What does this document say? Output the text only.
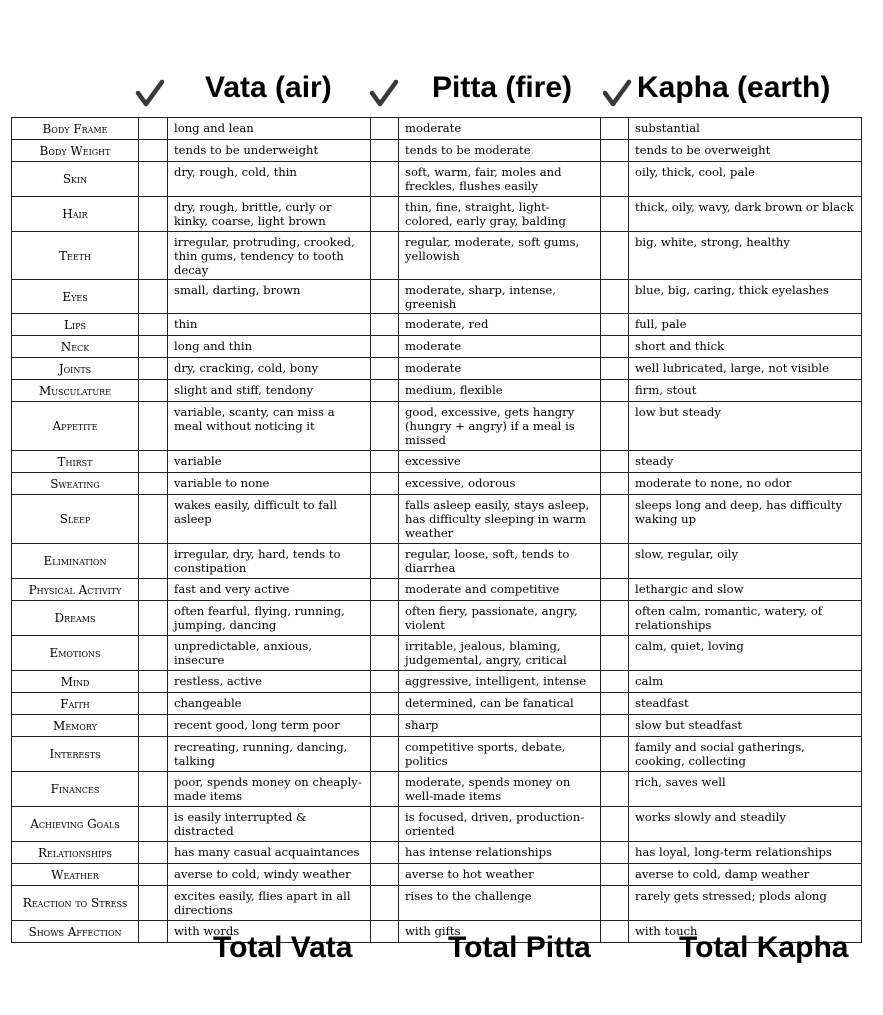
Vata (air)	Pitta (fire) Kapha (earth)
Body Frame		long and lean		moderate		substantial
Body Weight		tends to be underweight		tends to be moderate		tends to be overweight
Skin		dry, rough, cold, thin		soft, warm, fair, moles and freckles, flushes easily		oily, thick, cool, pale
Hair		dry, rough, brittle, curly or kinky, coarse, light brown		thin, fine, straight, light-colored, early gray, balding		thick, oily, wavy, dark brown or black
Teeth		irregular, protruding, crooked, thin gums, tendency to tooth decay		regular, moderate, soft gums, yellowish		big, white, strong, healthy
Eyes		small, darting, brown		moderate, sharp, intense, greenish		blue, big, caring, thick eyelashes
Lips		thin		moderate, red		full, pale
Neck		long and thin		moderate		short and thick
Joints		dry, cracking, cold, bony		moderate		well lubricated, large, not visible
Musculature		slight and stiff, tendony		medium, flexible		firm, stout
Appetite		variable, scanty, can miss a meal without noticing it		good, excessive, gets hangry (hungry + angry) if a meal is missed		low but steady
Thirst		variable		excessive		steady
Sweating		variable to none		excessive, odorous		moderate to none, no odor
Sleep		wakes easily, difficult to fall asleep		falls asleep easily, stays asleep, has difficulty sleeping in warm weather		sleeps long and deep, has difficulty waking up
Elimination		irregular, dry, hard, tends to constipation		regular, loose, soft, tends to diarrhea		slow, regular, oily
Physical Activity		fast and very active		moderate and competitive		lethargic and slow
Dreams		often fearful, flying, running, jumping, dancing		often fiery, passionate, angry, violent		often calm, romantic, watery, of relationships
Emotions		unpredictable, anxious, insecure		irritable, jealous, blaming, judgemental, angry, critical		calm, quiet, loving
Mind		restless, active		aggressive, intelligent, intense		calm
Faith		changeable		determined, can be fanatical		steadfast
Memory		recent good, long term poor		sharp		slow but steadfast
Interests		recreating, running, dancing, talking		competitive sports, debate, politics		family and social gatherings, cooking, collecting
Finances		poor, spends money on cheaply-made items		moderate, spends money on well-made items		rich, saves well
Achieving Goals		is easily interrupted & distracted		is focused, driven, production-oriented		works slowly and steadily
Relationships		has many casual acquaintances		has intense relationships		has loyal, long-term relationships
Weather		averse to cold, windy weather		averse to hot weather		averse to cold, damp weather
Reaction to Stress		excites easily, flies apart in all directions		rises to the challenge		rarely gets stressed; plods along
Shows Affection		with words		with gifts		with touch
Total Vata	Total Pitta	Total Kapha
